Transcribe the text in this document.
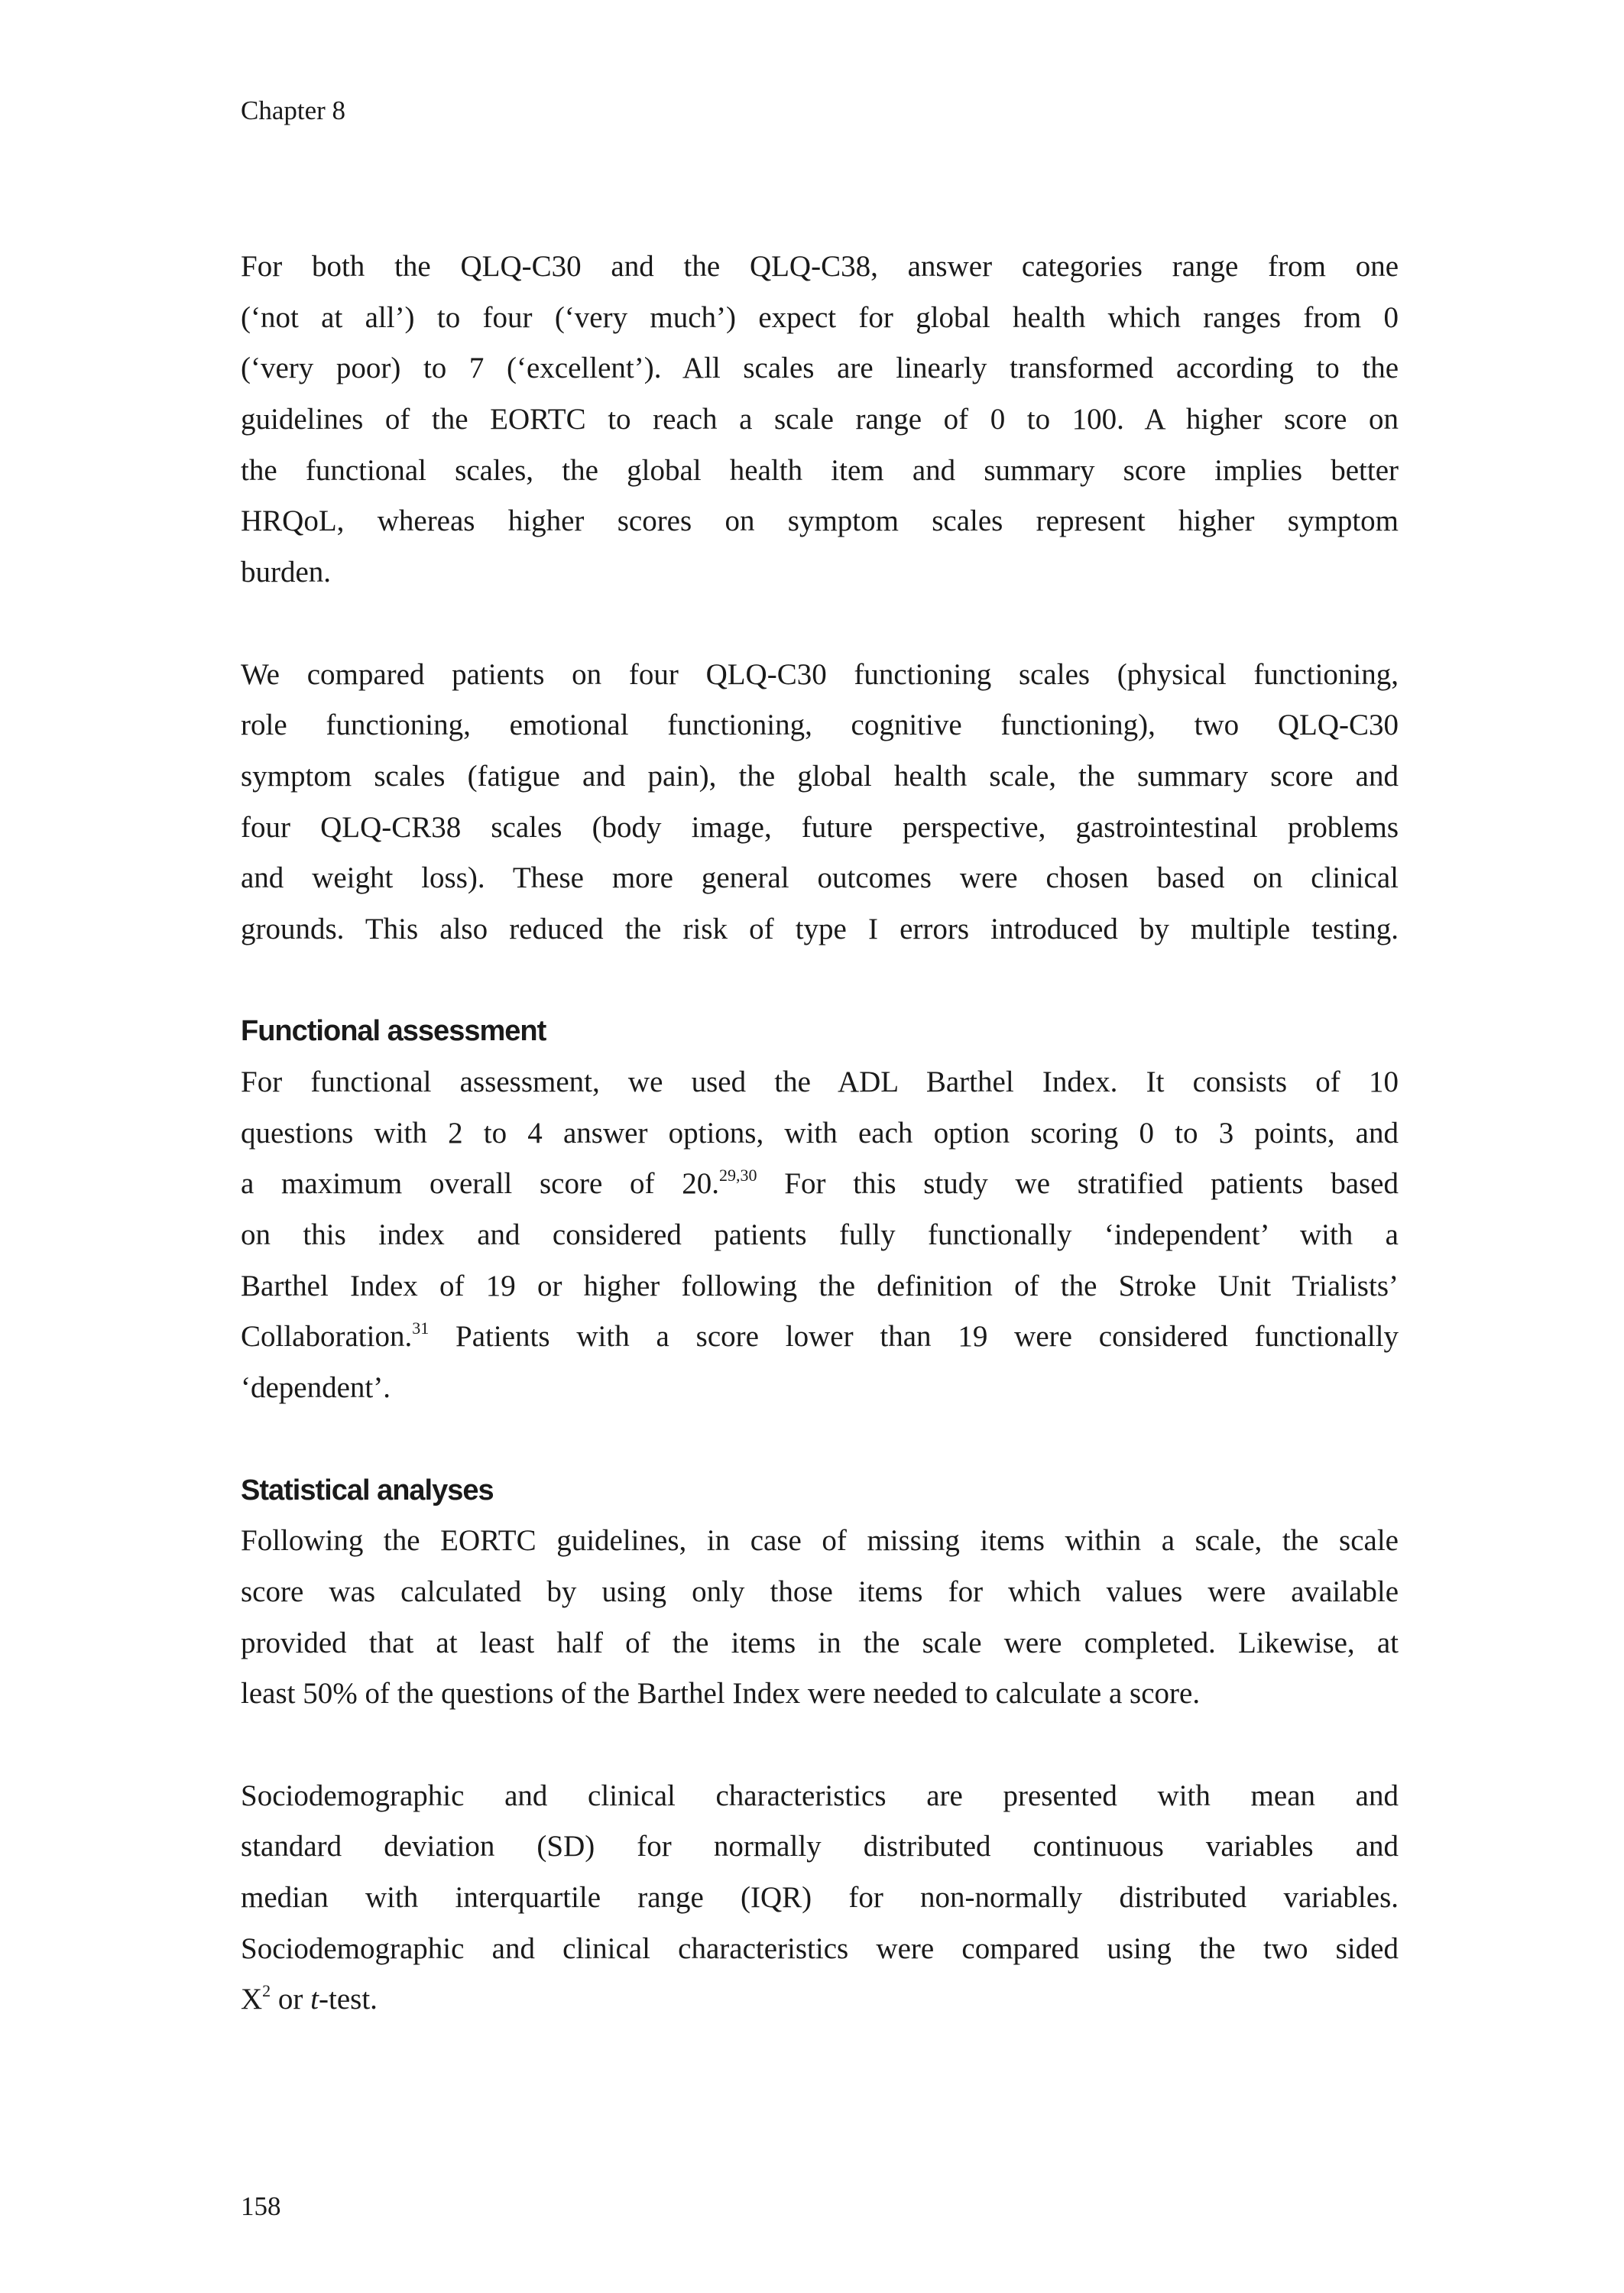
Chapter 8
For both the QLQ-C30 and the QLQ-C38, answer categories range from one
(‘not at all’) to four (‘very much’) expect for global health which ranges from 0
(‘very poor) to 7 (‘excellent’). All scales are linearly transformed according to the
guidelines of the EORTC to reach a scale range of 0 to 100. A higher score on
the functional scales, the global health item and summary score implies better
HRQoL, whereas higher scores on symptom scales represent higher symptom
burden.
We compared patients on four QLQ-C30 functioning scales (physical functioning,
role functioning, emotional functioning, cognitive functioning), two QLQ-C30
symptom scales (fatigue and pain), the global health scale, the summary score and
four QLQ-CR38 scales (body image, future perspective, gastrointestinal problems
and weight loss). These more general outcomes were chosen based on clinical
grounds. This also reduced the risk of type I errors introduced by multiple testing.
Functional assessment
For functional assessment, we used the ADL Barthel Index. It consists of 10
questions with 2 to 4 answer options, with each option scoring 0 to 3 points, and
a maximum overall score of 20.$^{29,30}$ For this study we stratified patients based
on this index and considered patients fully functionally ‘independent’ with a
Barthel Index of 19 or higher following the definition of the Stroke Unit Trialists’
Collaboration.$^{31}$ Patients with a score lower than 19 were considered functionally
‘dependent’.
Statistical analyses
Following the EORTC guidelines, in case of missing items within a scale, the scale
score was calculated by using only those items for which values were available
provided that at least half of the items in the scale were completed. Likewise, at
least 50% of the questions of the Barthel Index were needed to calculate a score.
Sociodemographic and clinical characteristics are presented with mean and
standard deviation (SD) for normally distributed continuous variables and
median with interquartile range (IQR) for non-normally distributed variables.
Sociodemographic and clinical characteristics were compared using the two sided
$X^2$ or t-test.
158
